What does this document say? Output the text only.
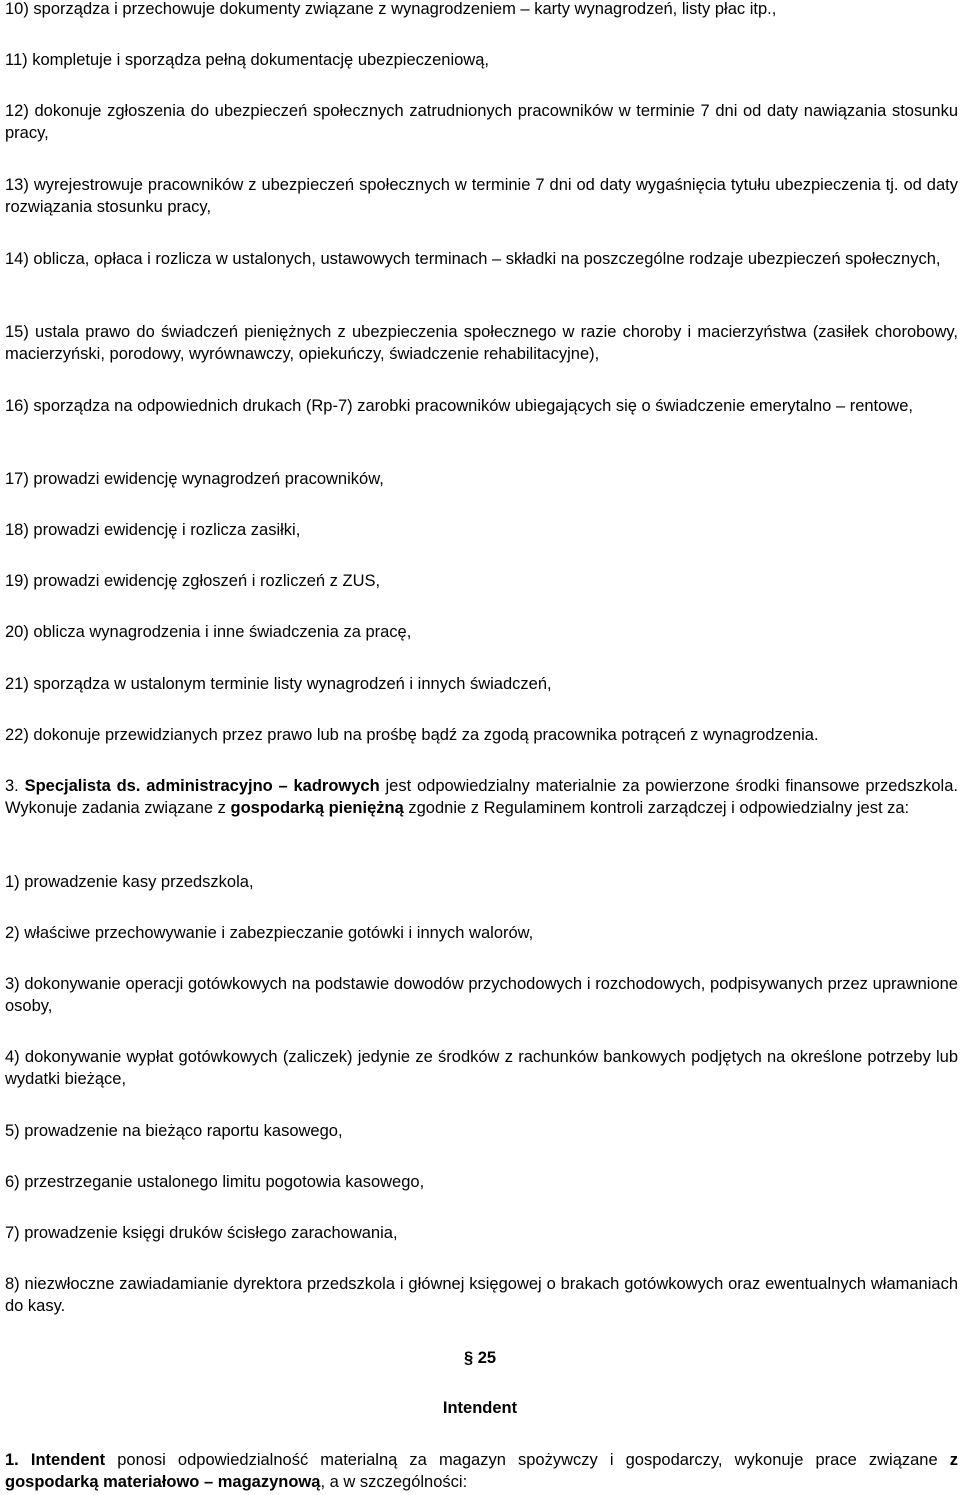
10) sporządza i przechowuje dokumenty związane z wynagrodzeniem – karty wynagrodzeń, listy płac itp.,

11) kompletuje i sporządza pełną dokumentację ubezpieczeniową,

12) dokonuje zgłoszenia do ubezpieczeń społecznych zatrudnionych pracowników w terminie 7 dni od daty nawiązania stosunku pracy,

13) wyrejestrowuje pracowników z ubezpieczeń społecznych w terminie 7 dni od daty wygaśnięcia tytułu ubezpieczenia tj. od daty rozwiązania stosunku pracy,

14) oblicza, opłaca i rozlicza w ustalonych, ustawowych terminach – składki na poszczególne rodzaje ubezpieczeń społecznych,

15) ustala prawo do świadczeń pieniężnych z ubezpieczenia społecznego w razie choroby i macierzyństwa (zasiłek chorobowy, macierzyński, porodowy, wyrównawczy, opiekuńczy, świadczenie rehabilitacyjne),

16) sporządza na odpowiednich drukach (Rp-7) zarobki pracowników ubiegających się o świadczenie emerytalno – rentowe,

17) prowadzi ewidencję wynagrodzeń pracowników,

18) prowadzi ewidencję i rozlicza zasiłki,

19) prowadzi ewidencję zgłoszeń i rozliczeń z ZUS,

20) oblicza wynagrodzenia i inne świadczenia za pracę,

21) sporządza w ustalonym terminie listy wynagrodzeń i innych świadczeń,

22) dokonuje przewidzianych przez prawo lub na prośbę bądź za zgodą pracownika potrąceń z wynagrodzenia.

3. Specjalista ds. administracyjno – kadrowych jest odpowiedzialny materialnie za powierzone środki finansowe przedszkola. Wykonuje zadania związane z gospodarką pieniężną zgodnie z Regulaminem kontroli zarządczej i odpowiedzialny jest za:

1) prowadzenie kasy przedszkola,

2) właściwe przechowywanie i zabezpieczanie gotówki i innych walorów,

3) dokonywanie operacji gotówkowych na podstawie dowodów przychodowych i rozchodowych, podpisywanych przez uprawnione osoby,

4) dokonywanie wypłat gotówkowych (zaliczek) jedynie ze środków z rachunków bankowych podjętych na określone potrzeby lub wydatki bieżące,

5) prowadzenie na bieżąco raportu kasowego,

6) przestrzeganie ustalonego limitu pogotowia kasowego,

7) prowadzenie księgi druków ścisłego zarachowania,

8) niezwłoczne zawiadamianie dyrektora przedszkola i głównej księgowej o brakach gotówkowych oraz ewentualnych włamaniach do kasy.

§ 25

Intendent

1. Intendent ponosi odpowiedzialność materialną za magazyn spożywczy i gospodarczy, wykonuje prace związane z gospodarką materiałowo – magazynową, a w szczególności:
